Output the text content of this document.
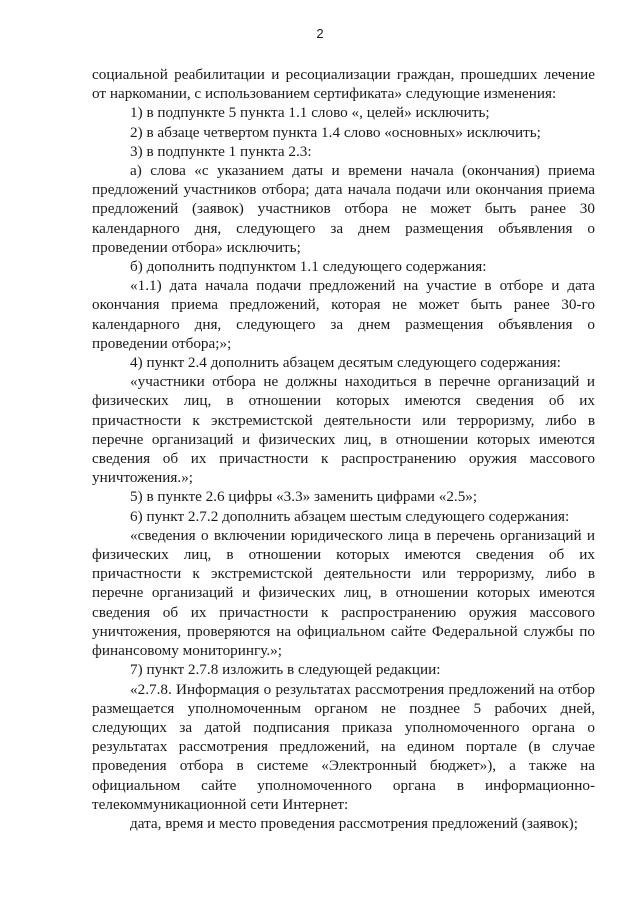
2

социальной реабилитации и ресоциализации граждан, прошедших лечение от наркомании, с использованием сертификата» следующие изменения:

1) в подпункте 5 пункта 1.1 слово «, целей» исключить;

2) в абзаце четвертом пункта 1.4 слово «основных» исключить;

3) в подпункте 1 пункта 2.3:

а) слова «с указанием даты и времени начала (окончания) приема предложений участников отбора; дата начала подачи или окончания приема предложений (заявок) участников отбора не может быть ранее 30 календарного дня, следующего за днем размещения объявления о проведении отбора» исключить;

б) дополнить подпунктом 1.1 следующего содержания:

«1.1) дата начала подачи предложений на участие в отборе и дата окончания приема предложений, которая не может быть ранее 30-го календарного дня, следующего за днем размещения объявления о проведении отбора;»;

4) пункт 2.4 дополнить абзацем десятым следующего содержания:

«участники отбора не должны находиться в перечне организаций и физических лиц, в отношении которых имеются сведения об их причастности к экстремистской деятельности или терроризму, либо в перечне организаций и физических лиц, в отношении которых имеются сведения об их причастности к распространению оружия массового уничтожения.»;

5) в пункте 2.6 цифры «3.3» заменить цифрами «2.5»;

6) пункт 2.7.2 дополнить абзацем шестым следующего содержания:

«сведения о включении юридического лица в перечень организаций и физических лиц, в отношении которых имеются сведения об их причастности к экстремистской деятельности или терроризму, либо в перечне организаций и физических лиц, в отношении которых имеются сведения об их причастности к распространению оружия массового уничтожения, проверяются на официальном сайте Федеральной службы по финансовому мониторингу.»;

7) пункт 2.7.8 изложить в следующей редакции:

«2.7.8. Информация о результатах рассмотрения предложений на отбор размещается уполномоченным органом не позднее 5 рабочих дней, следующих за датой подписания приказа уполномоченного органа о результатах рассмотрения предложений, на едином портале (в случае проведения отбора в системе «Электронный бюджет»), а также на официальном сайте уполномоченного органа в информационно-телекоммуникационной сети Интернет:

дата, время и место проведения рассмотрения предложений (заявок);
